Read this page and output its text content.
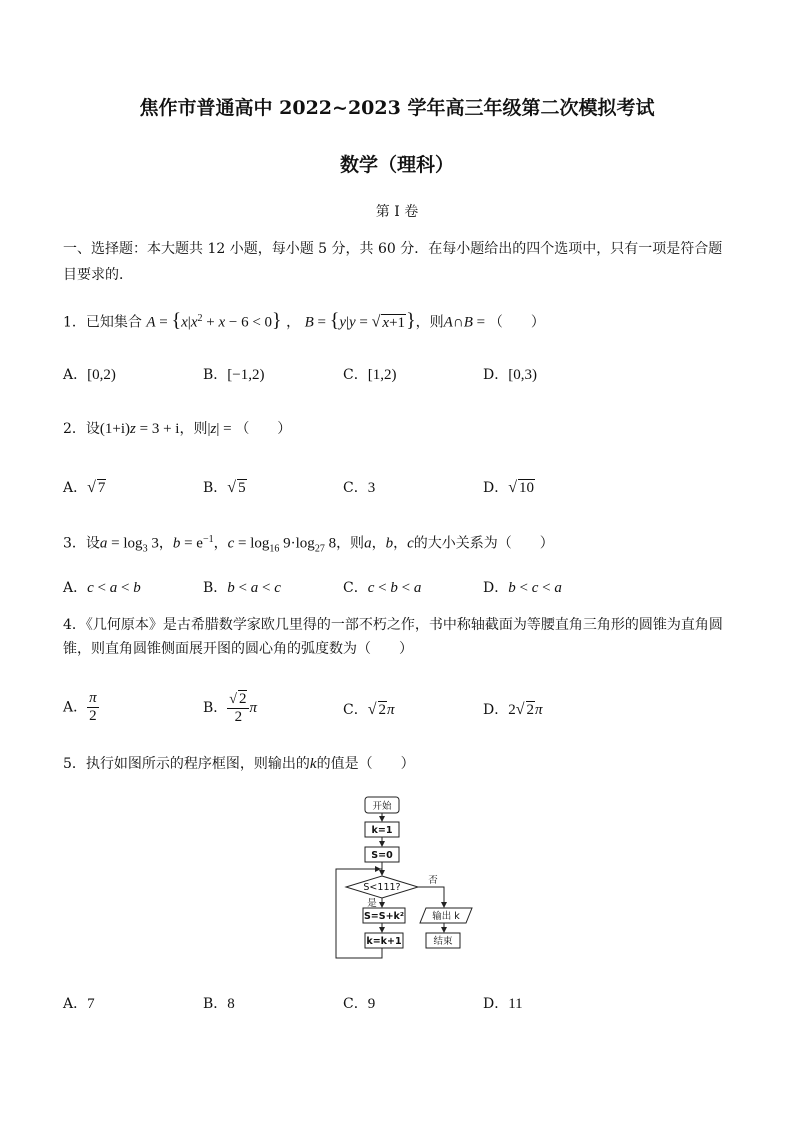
焦作市普通高中 2022~2023 学年高三年级第二次模拟考试
数学（理科）
第 I 卷
一、选择题：本大题共 12 小题，每小题 5 分，共 60 分．在每小题给出的四个选项中，只有一项是符合题目要求的．
1．已知集合 $A = \{x|x^2 + x - 6 < 0\}$ ， B = {y|y = √ x+1}，则A∩B = （　　）
A．[0,2)	B．[−1,2)	C．[1,2)	D．[0,3)
2．设(1+i)z = 3 + i，则|z| = （　　）
A．√ 7	B．√ 5	C．3	D．√ 10
3．设$a = \log_3 3$，$b = e^{-1}$，$c = \log_{16} 9\cdot\log_{27}$ 8，则a，b，c的大小关系为（　　）
A．c < a < b	B．b < a < c	C．c < b < a	D．b < c < a
4．《几何原本》是古希腊数学家欧几里得的一部不朽之作，书中称轴截面为等腰直角三角形的圆锥为直角圆
锥，则直角圆锥侧面展开图的圆心角的弧度数为（　　）
A． $\frac{\pi}{2}$	B． $\frac{√ 2}{2}$ π	C．√ 2π	D．2√ 2π
5．执行如图所示的程序框图，则输出的k的值是（　　）
开始
k=1
S=0
S<111?
是
否
S=S+k²
k=k+1
输出 k
结束
A．7	B．8	C．9	D．11
